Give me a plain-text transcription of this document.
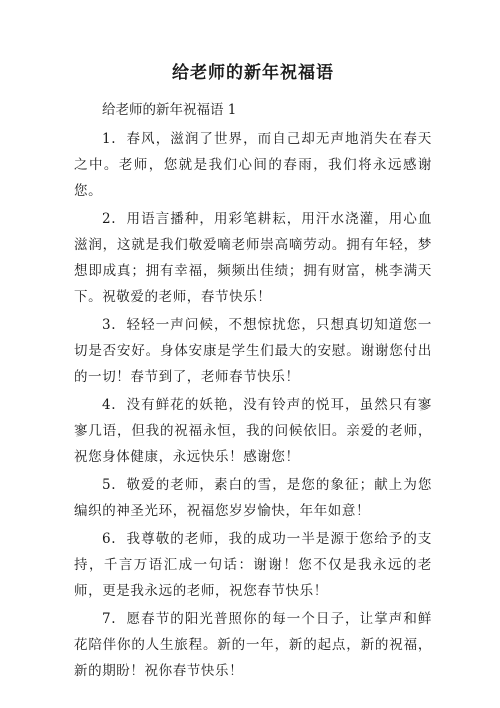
给老师的新年祝福语

给老师的新年祝福语 1

1. 春风，滋润了世界，而自己却无声地消失在春天之中。老师，您就是我们心间的春雨，我们将永远感谢您。

2. 用语言播种，用彩笔耕耘，用汗水浇灌，用心血滋润，这就是我们敬爱嘀老师崇高嘀劳动。拥有年轻，梦想即成真；拥有幸福，频频出佳绩；拥有财富，桃李满天下。祝敬爱的老师，春节快乐！

3. 轻轻一声问候，不想惊扰您，只想真切知道您一切是否安好。身体安康是学生们最大的安慰。谢谢您付出的一切！春节到了，老师春节快乐！

4. 没有鲜花的妖艳，没有铃声的悦耳，虽然只有寥寥几语，但我的祝福永恒，我的问候依旧。亲爱的老师，祝您身体健康，永远快乐！感谢您！

5. 敬爱的老师，素白的雪，是您的象征；献上为您编织的神圣光环，祝福您岁岁愉快，年年如意！

6. 我尊敬的老师，我的成功一半是源于您给予的支持，千言万语汇成一句话：谢谢！您不仅是我永远的老师，更是我永远的老师，祝您春节快乐！

7. 愿春节的阳光普照你的每一个日子，让掌声和鲜花陪伴你的人生旅程。新的一年，新的起点，新的祝福，新的期盼！祝你春节快乐！
